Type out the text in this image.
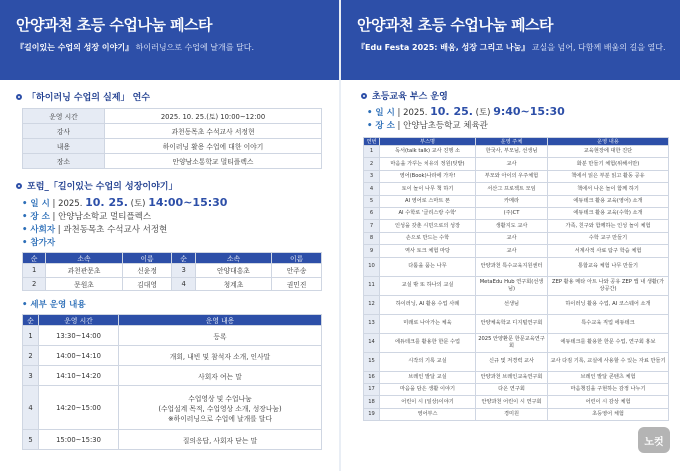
안양과천 초등 수업나눔 페스타

『길이있는 수업의 성장 이야기』 하이러닝으로 수업에 날개를 달다.

「하이러닝 수업의 실제」 연수
운영 시간	2025. 10. 25.(토) 10:00~12:00
강사	과천동목초 수석교사 서정현
내용	하이러닝 활용 수업에 대한 이야기
장소	안양남소통학교 멀티플렉스
포럼_「길이있는 수업의 성장이야기」
• 일 시 | 2025. 10. 25. (토) 14:00~15:30
• 장 소 | 안양남소학교 멀티플렉스
• 사회자 | 과천동목초 수석교사 서정현
• 참가자
순	소속	이름	순	소속	이름
1	과천관문초	신윤정	3	안양대흥초	안주송
2	문원초	김대영	4	청계초	권민진
• 세부 운영 내용
순	운영 시간	운영 내용
1	13:30~14:00	등록
2	14:00~14:10	개회, 내빈 및 참석자 소개, 인사말
3	14:10~14:20	사회자 여는 말
4	14:20~15:00	수업영상 및 수업나눔
(수업설계 목적, 수업영상 소개, 성장나눔)
※하이러닝으로 수업에 날개를 달다
5	15:00~15:30	질의응답, 사회자 닫는 말
안양과천 초등 수업나눔 페스타

『Edu Festa 2025: 배움, 성장 그리고 나눔』 교실을 넘어, 다함께 배움의 길을 열다.

초등교육 부스 운영
• 일 시 | 2025. 10. 25. (토) 9:40~15:30
• 장 소 | 안양남초등학교 체육관
연번	부스명	운영 주체	운영 내용
1	독서(talk talk) 교사 진행 소	한국사, 부모님, 선생님	교육현장에 대한 진단
2	마음을 가꾸는 치유의 정원(텃밭)	교사	화분 만들기 체험(위해서만)
3	영어(Book)나라에 가자!	부모와 아이의 우주체험	책에서 읽은 부분 읽고 활동 공유
4	토이 놀이 나무 책 하기	서산그 프로젝트 모임	책에서 나온 놀이 함께 하기
5	AI 영어로 스마트 폰	카메라	에듀테크 활용 교육(영어) 소개
6	AI 수학로 '글리스랑 수학'	(주)CT	에듀테크 활용 교육(수학) 소개
7	인성을 갖춘 시민으로의 성장	생활지도 교사	가족, 친구와 함께하는 인성 놀이 체험
8	손으로 만드는 수학	교사	수학 교구 만들기
9	역사 토크 체험 마당	교사	서계사적 사료 탐구 학습 체험
10	다툼을 품는 나무	안양과천 특수교육지원센터	통합교육 체험 나무 만들기
11	교실 밖 또 하나의 교실	MetaEdu Hub 연구회(선생님)	ZEP 활용 메타 아트 나와 공유 ZEP 앱 내 생활(가상공간)
12	하이러닝, AI 활용 수업 사례	선생님	하이러닝 활용 수업, AI 코스웨어 소개
13	미래로 나아가는 체육	안양체육학교 디지털연구회	특수교육 직업 에듀테크
14	에듀테크를 활용한 한문 수업	2025 안양환문 한문교육연구회	에듀테크를 활용한 한문 수업, 연구회 홍보
15	시작의 기록 교실	신규 및 저경력 교사	교사 다짐 기록, 교실에 사용할 수 있는 자료 만들기
16	브레인 발달 교실	안양과천 브레인교육연구회	브레인 발달 콘텐츠 체험
17	마음을 담은 생활 이야기	다온 연구회	마음챙김을 구현하는 감정 나누기
18	어린이 시 (일상)이야기	안양과천 어린이 시 연구회	어린이 시 감상 체험
19	영어부스	경미원	초등영어 체험
노컷
